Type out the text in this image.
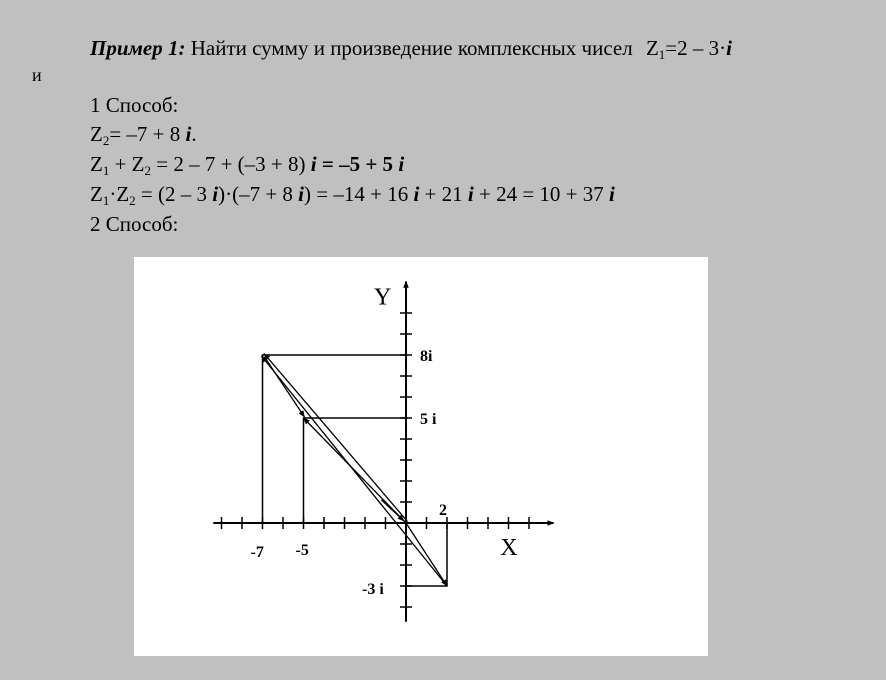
Пример 1: Найти сумму и произведение комплексных чисел $Z_1=2 - 3\cdot i$
и
1 Способ:
$Z_2= -7 + 8$ i.
$Z_1 + Z_2 = 2 - 7 + (-3 + 8) i = -5 + 5$ i
$Z_1\cdot Z_2 = (2 - 3$ i)·(–7 + 8 i) = –14 + 16 i + 21 i + 24 = 10 + 37 i
2 Способ:
X
Y
-7 -5
2
8i
5 i
-3 i
